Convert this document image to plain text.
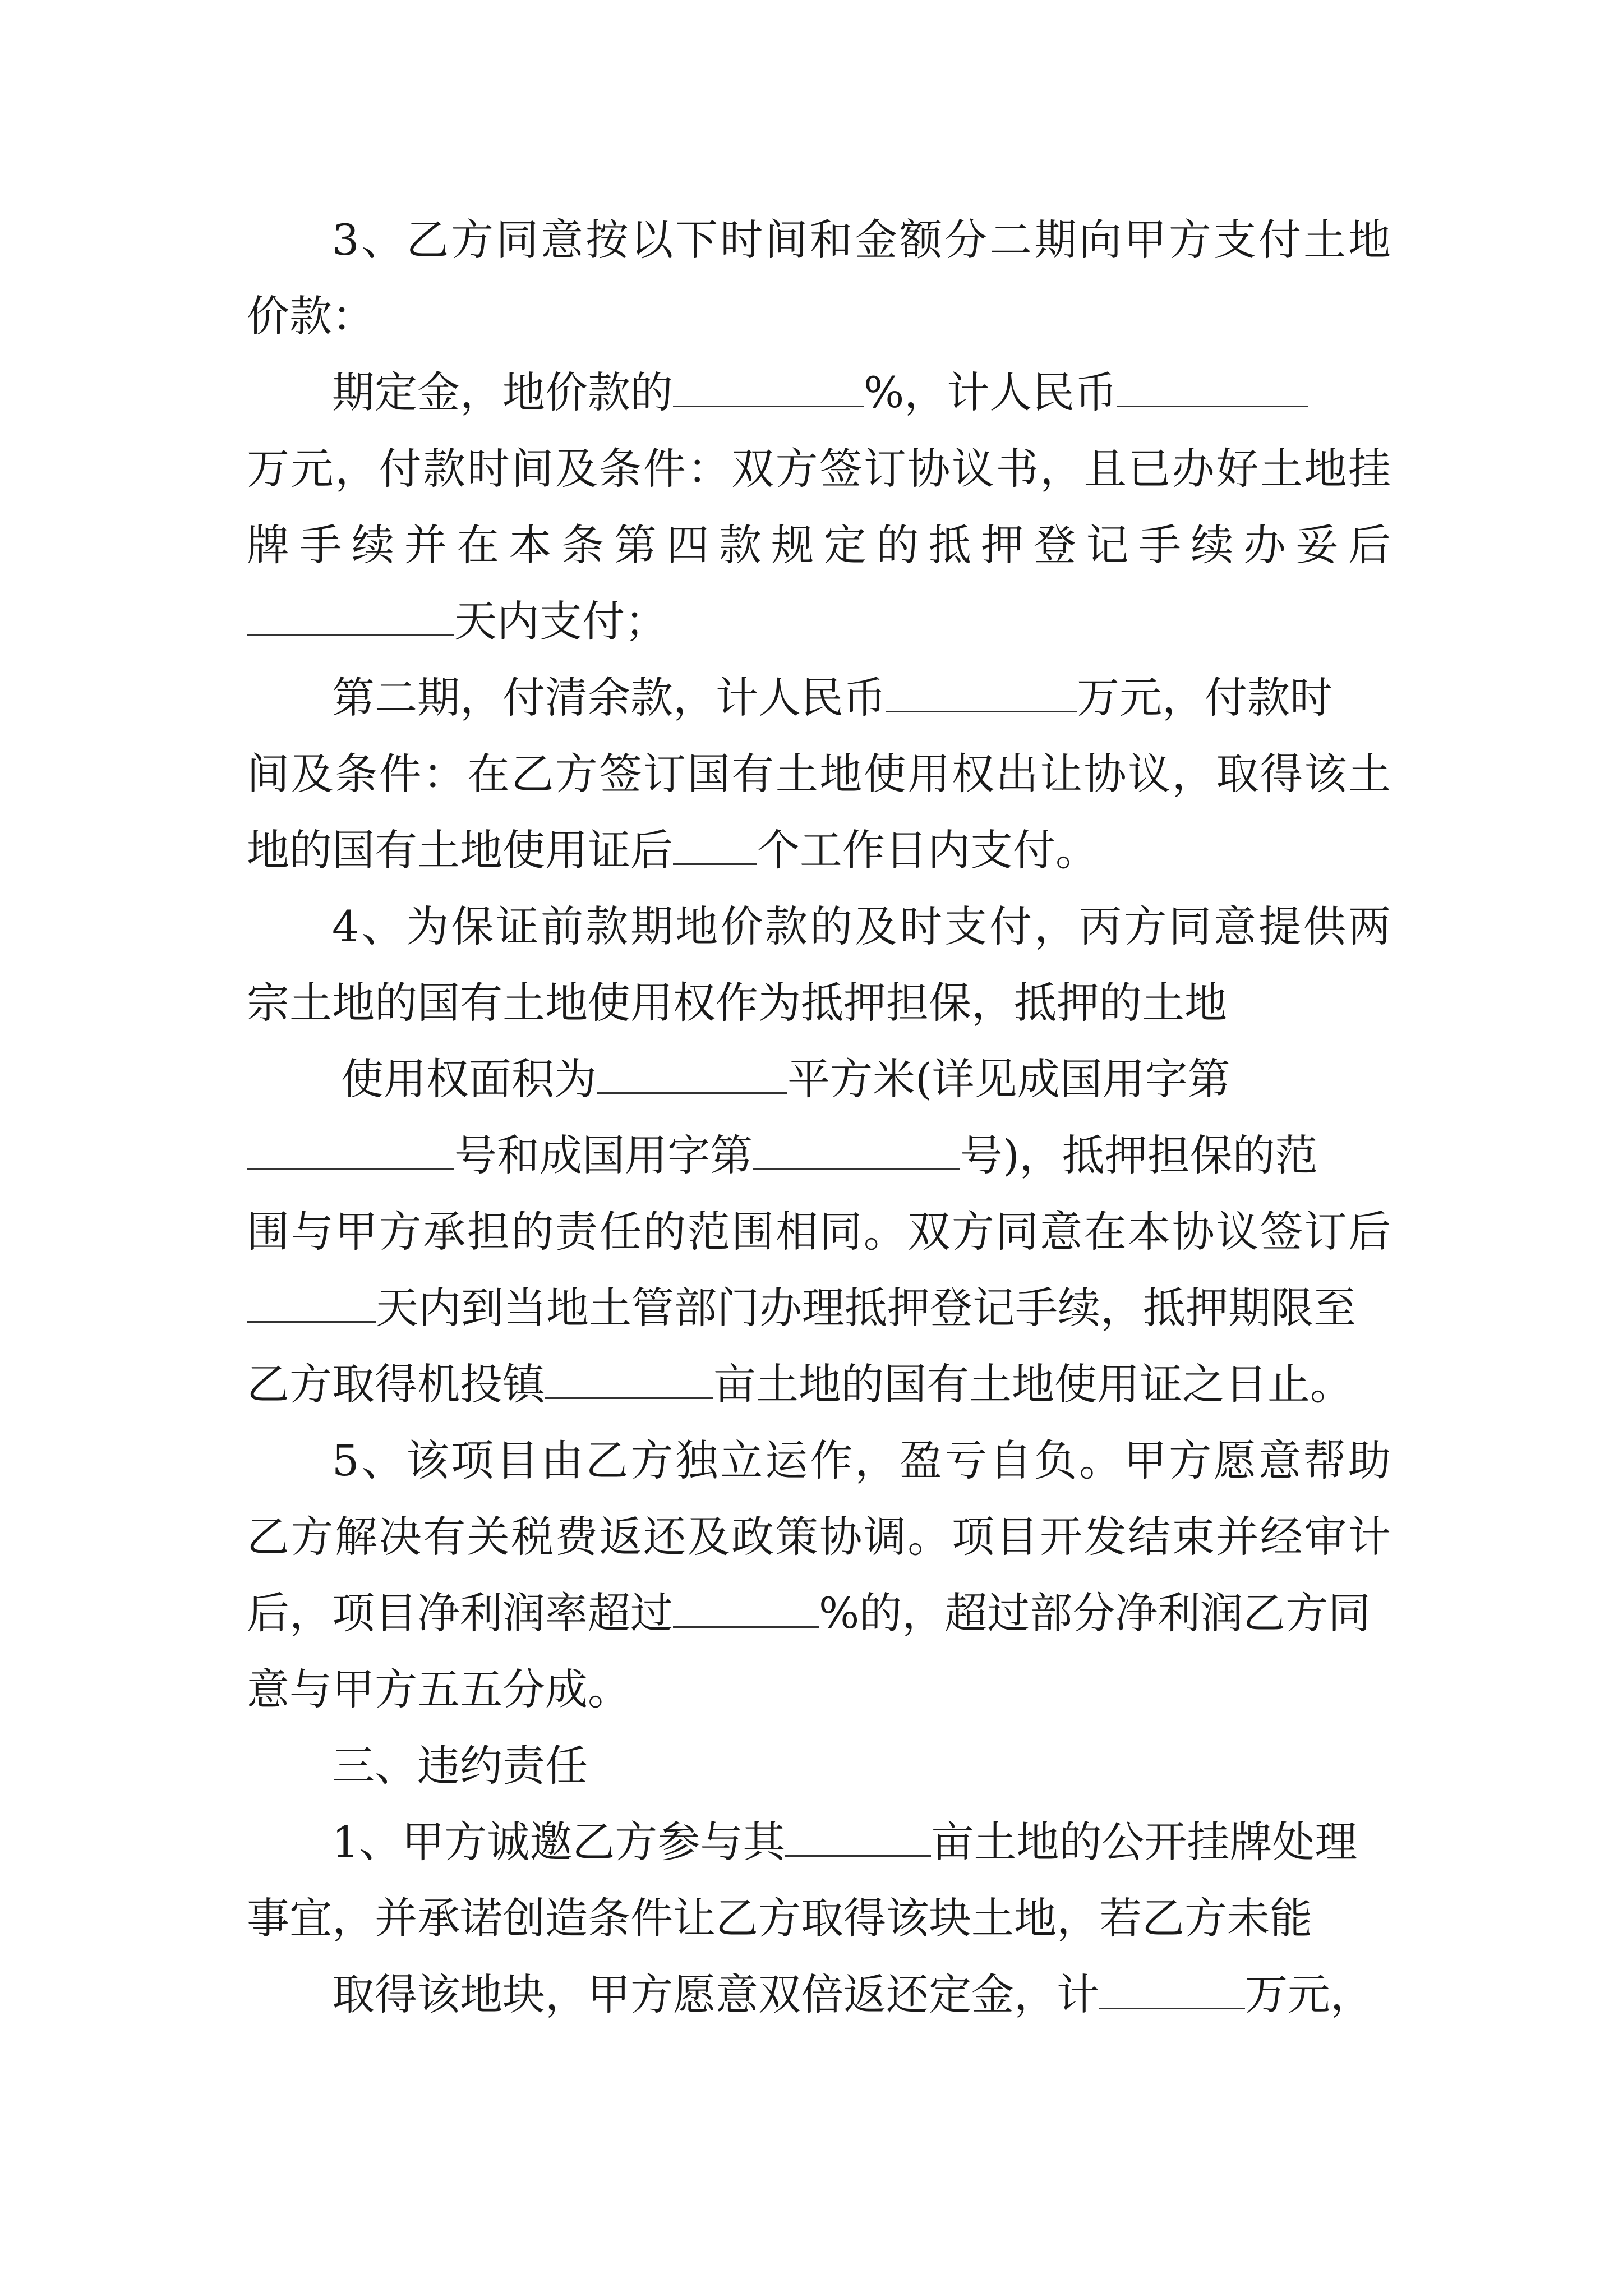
3、乙方同意按以下时间和金额分二期向甲方支付土地
价款：
期定金，地价款的	%，计人民币
万元，付款时间及条件：双方签订协议书，且已办好土地挂
牌手续并在本条第四款规定的抵押登记手续办妥后
天内支付；
第二期，付清余款，计人民币	万元，付款时
间及条件：在乙方签订国有土地使用权出让协议，取得该土
地的国有土地使用证后 个工作日内支付。
4、为保证前款期地价款的及时支付，丙方同意提供两
宗土地的国有土地使用权作为抵押担保，抵押的土地
使用权面积为	平方米(详见成国用字第
号和成国用字第	号)，抵押担保的范
围与甲方承担的责任的范围相同。双方同意在本协议签订后
天内到当地土管部门办理抵押登记手续，抵押期限至
乙方取得机投镇	亩土地的国有土地使用证之日止。
5、该项目由乙方独立运作，盈亏自负。甲方愿意帮助
乙方解决有关税费返还及政策协调。项目开发结束并经审计
后，项目净利润率超过	%的，超过部分净利润乙方同
意与甲方五五分成。
三、违约责任
1、甲方诚邀乙方参与其	亩土地的公开挂牌处理
事宜，并承诺创造条件让乙方取得该块土地，若乙方未能
取得该地块，甲方愿意双倍返还定金，计	万元，
